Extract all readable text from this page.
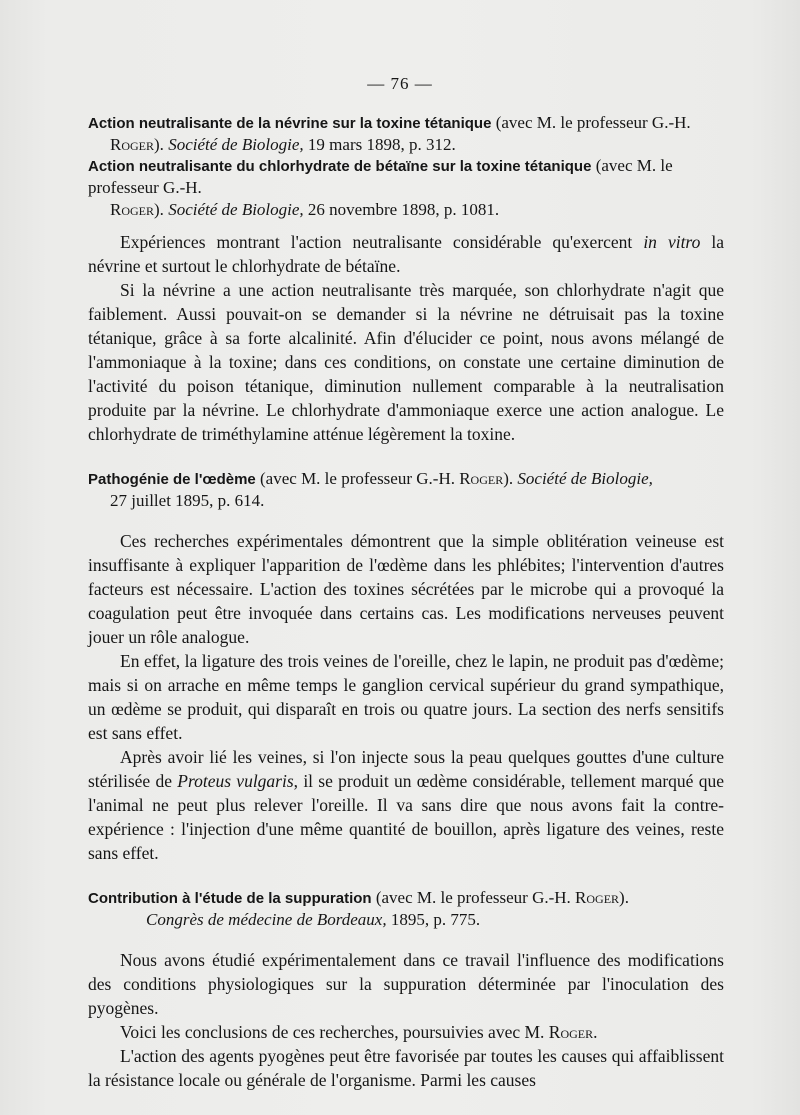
— 76 —

Action neutralisante de la névrine sur la toxine tétanique (avec M. le professeur G.-H.

Roger). Société de Biologie, 19 mars 1898, p. 312.

Action neutralisante du chlorhydrate de bétaïne sur la toxine tétanique (avec M. le professeur G.-H.

Roger). Société de Biologie, 26 novembre 1898, p. 1081.

Expériences montrant l'action neutralisante considérable qu'exercent in vitro la névrine et surtout le chlorhydrate de bétaïne.

Si la névrine a une action neutralisante très marquée, son chlorhydrate n'agit que faiblement. Aussi pouvait-on se demander si la névrine ne détruisait pas la toxine tétanique, grâce à sa forte alcalinité. Afin d'élucider ce point, nous avons mélangé de l'ammoniaque à la toxine; dans ces conditions, on constate une certaine diminution de l'activité du poison tétanique, diminution nullement comparable à la neutralisation produite par la névrine. Le chlorhydrate d'ammoniaque exerce une action analogue. Le chlorhydrate de triméthylamine atténue légèrement la toxine.

Pathogénie de l'œdème (avec M. le professeur G.-H. Roger). Société de Biologie,

27 juillet 1895, p. 614.

Ces recherches expérimentales démontrent que la simple oblitération veineuse est insuffisante à expliquer l'apparition de l'œdème dans les phlébites; l'intervention d'autres facteurs est nécessaire. L'action des toxines sécrétées par le microbe qui a provoqué la coagulation peut être invoquée dans certains cas. Les modifications nerveuses peuvent jouer un rôle analogue.

En effet, la ligature des trois veines de l'oreille, chez le lapin, ne produit pas d'œdème; mais si on arrache en même temps le ganglion cervical supérieur du grand sympathique, un œdème se produit, qui disparaît en trois ou quatre jours. La section des nerfs sensitifs est sans effet.

Après avoir lié les veines, si l'on injecte sous la peau quelques gouttes d'une culture stérilisée de Proteus vulgaris, il se produit un œdème considérable, tellement marqué que l'animal ne peut plus relever l'oreille. Il va sans dire que nous avons fait la contre-expérience : l'injection d'une même quantité de bouillon, après ligature des veines, reste sans effet.

Contribution à l'étude de la suppuration (avec M. le professeur G.-H. Roger).

Congrès de médecine de Bordeaux, 1895, p. 775.

Nous avons étudié expérimentalement dans ce travail l'influence des modifications des conditions physiologiques sur la suppuration déterminée par l'inoculation des pyogènes.

Voici les conclusions de ces recherches, poursuivies avec M. Roger.

L'action des agents pyogènes peut être favorisée par toutes les causes qui affaiblissent la résistance locale ou générale de l'organisme. Parmi les causes
